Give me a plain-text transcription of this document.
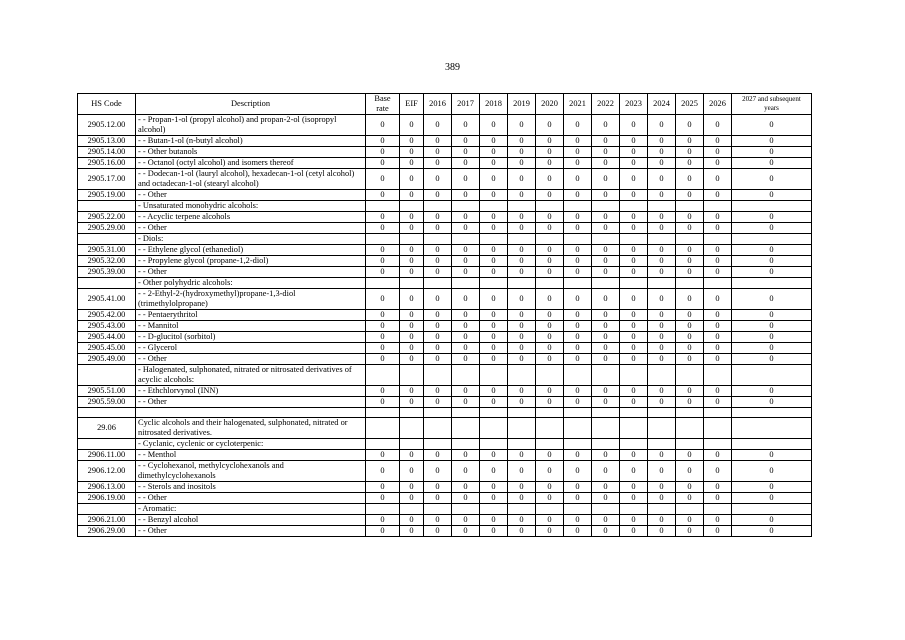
389
HS Code	Description	Base rate	EIF	2016	2017	2018	2019	2020	2021	2022	2023	2024	2025	2026	2027 and subsequent years
2905.12.00	- - Propan-1-ol (propyl alcohol) and propan-2-ol (isopropyl alcohol)	0	0	0	0	0	0	0	0	0	0	0	0	0	0
2905.13.00	- - Butan-1-ol (n-butyl alcohol)	0	0	0	0	0	0	0	0	0	0	0	0	0	0
2905.14.00	- - Other butanols	0	0	0	0	0	0	0	0	0	0	0	0	0	0
2905.16.00	- - Octanol (octyl alcohol) and isomers thereof	0	0	0	0	0	0	0	0	0	0	0	0	0	0
2905.17.00	- - Dodecan-1-ol (lauryl alcohol), hexadecan-1-ol (cetyl alcohol) and octadecan-1-ol (stearyl alcohol)	0	0	0	0	0	0	0	0	0	0	0	0	0	0
2905.19.00	- - Other	0	0	0	0	0	0	0	0	0	0	0	0	0	0
	- Unsaturated monohydric alcohols:														
2905.22.00	- - Acyclic terpene alcohols	0	0	0	0	0	0	0	0	0	0	0	0	0	0
2905.29.00	- - Other	0	0	0	0	0	0	0	0	0	0	0	0	0	0
	- Diols:														
2905.31.00	- - Ethylene glycol (ethanediol)	0	0	0	0	0	0	0	0	0	0	0	0	0	0
2905.32.00	- - Propylene glycol (propane-1,2-diol)	0	0	0	0	0	0	0	0	0	0	0	0	0	0
2905.39.00	- - Other	0	0	0	0	0	0	0	0	0	0	0	0	0	0
	- Other polyhydric alcohols:														
2905.41.00	- - 2-Ethyl-2-(hydroxymethyl)propane-1,3-diol (trimethylolpropane)	0	0	0	0	0	0	0	0	0	0	0	0	0	0
2905.42.00	- - Pentaerythritol	0	0	0	0	0	0	0	0	0	0	0	0	0	0
2905.43.00	- - Mannitol	0	0	0	0	0	0	0	0	0	0	0	0	0	0
2905.44.00	- - D-glucitol (sorbitol)	0	0	0	0	0	0	0	0	0	0	0	0	0	0
2905.45.00	- - Glycerol	0	0	0	0	0	0	0	0	0	0	0	0	0	0
2905.49.00	- - Other	0	0	0	0	0	0	0	0	0	0	0	0	0	0
	- Halogenated, sulphonated, nitrated or nitrosated derivatives of acyclic alcohols:														
2905.51.00	- - Ethchlorvynol (INN)	0	0	0	0	0	0	0	0	0	0	0	0	0	0
2905.59.00	- - Other	0	0	0	0	0	0	0	0	0	0	0	0	0	0

29.06	Cyclic alcohols and their halogenated, sulphonated, nitrated or nitrosated derivatives.														
	- Cyclanic, cyclenic or cycloterpenic:														
2906.11.00	- - Menthol	0	0	0	0	0	0	0	0	0	0	0	0	0	0
2906.12.00	- - Cyclohexanol, methylcyclohexanols and dimethylcyclohexanols	0	0	0	0	0	0	0	0	0	0	0	0	0	0
2906.13.00	- - Sterols and inositols	0	0	0	0	0	0	0	0	0	0	0	0	0	0
2906.19.00	- - Other	0	0	0	0	0	0	0	0	0	0	0	0	0	0
	- Aromatic:														
2906.21.00	- - Benzyl alcohol	0	0	0	0	0	0	0	0	0	0	0	0	0	0
2906.29.00	- - Other	0	0	0	0	0	0	0	0	0	0	0	0	0	0
